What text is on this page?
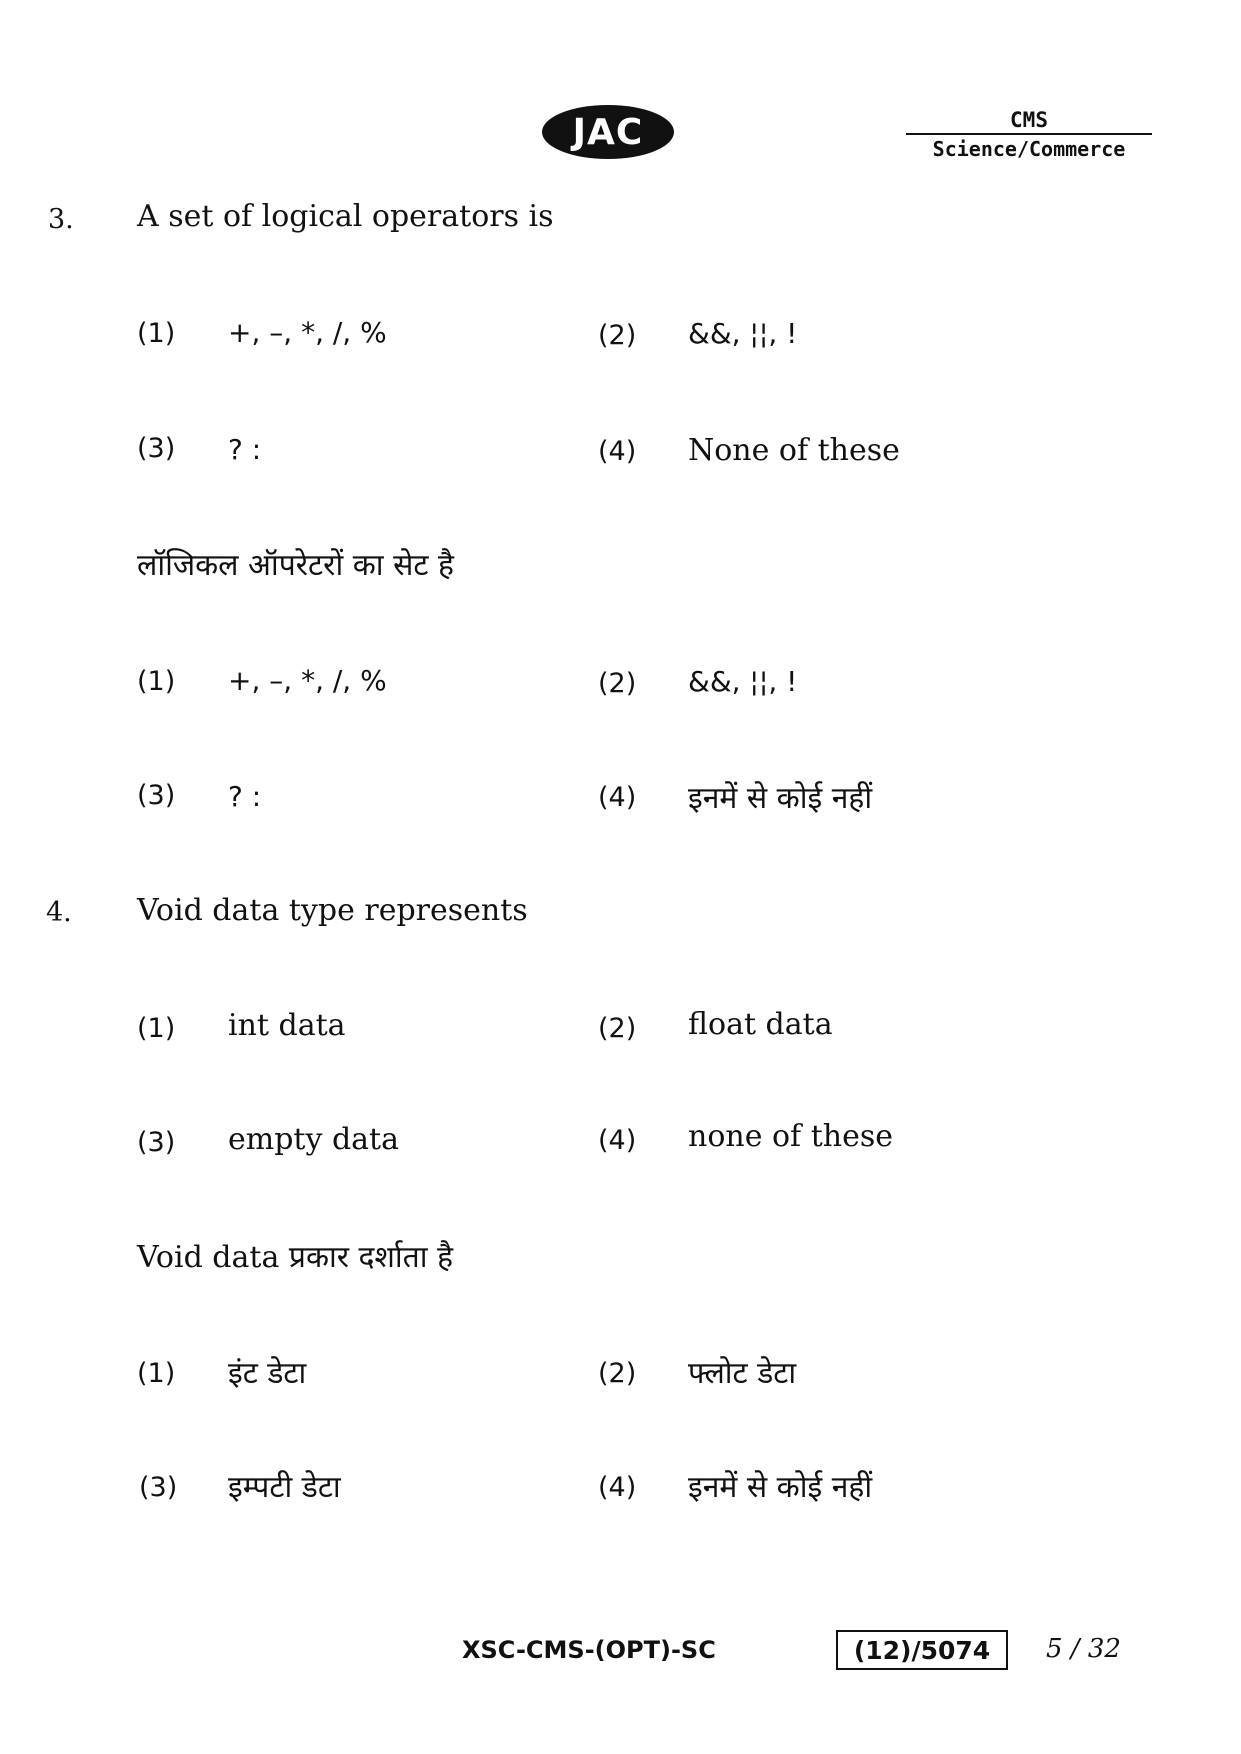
JAC	CMS
Science/Commerce
3. A set of logical operators is
(1) +, –, *, /, %	(2) &&, ¦¦, !
(3) ? :	(4) None of these
लॉजिकल ऑपरेटरों का सेट है
(1) +, –, *, /, %	(2) &&, ¦¦, !
(3) ? :	(4) इनमें से कोई नहीं
4. Void data type represents
(1) int data	(2) float data
(3) empty data	(4) none of these
Void data प्रकार दर्शाता है
(1) इंट डेटा	(2) फ्लोट डेटा
(3) इम्पटी डेटा	(4) इनमें से कोई नहीं
XSC-CMS-(OPT)-SC	(12)/5074 5 / 32
